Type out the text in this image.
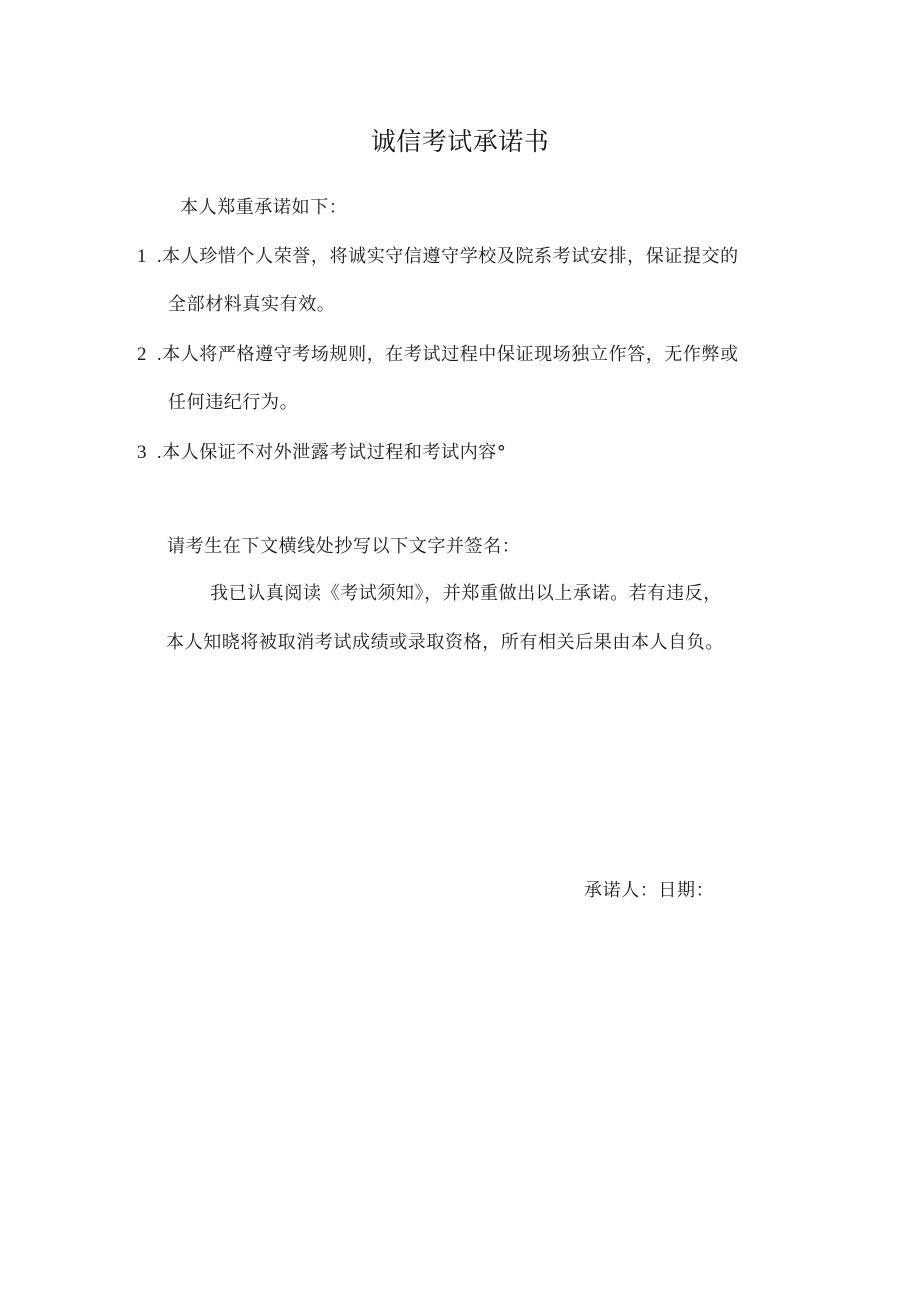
诚信考试承诺书
本人郑重承诺如下：
1 .本人珍惜个人荣誉，将诚实守信遵守学校及院系考试安排，保证提交的
全部材料真实有效。
2 .本人将严格遵守考场规则，在考试过程中保证现场独立作答，无作弊或
任何违纪行为。
3 .本人保证不对外泄露考试过程和考试内容°
请考生在下文横线处抄写以下文字并签名：
我已认真阅读《考试须知》，并郑重做出以上承诺。若有违反，
本人知晓将被取消考试成绩或录取资格，所有相关后果由本人自负。
承诺人：日期：
